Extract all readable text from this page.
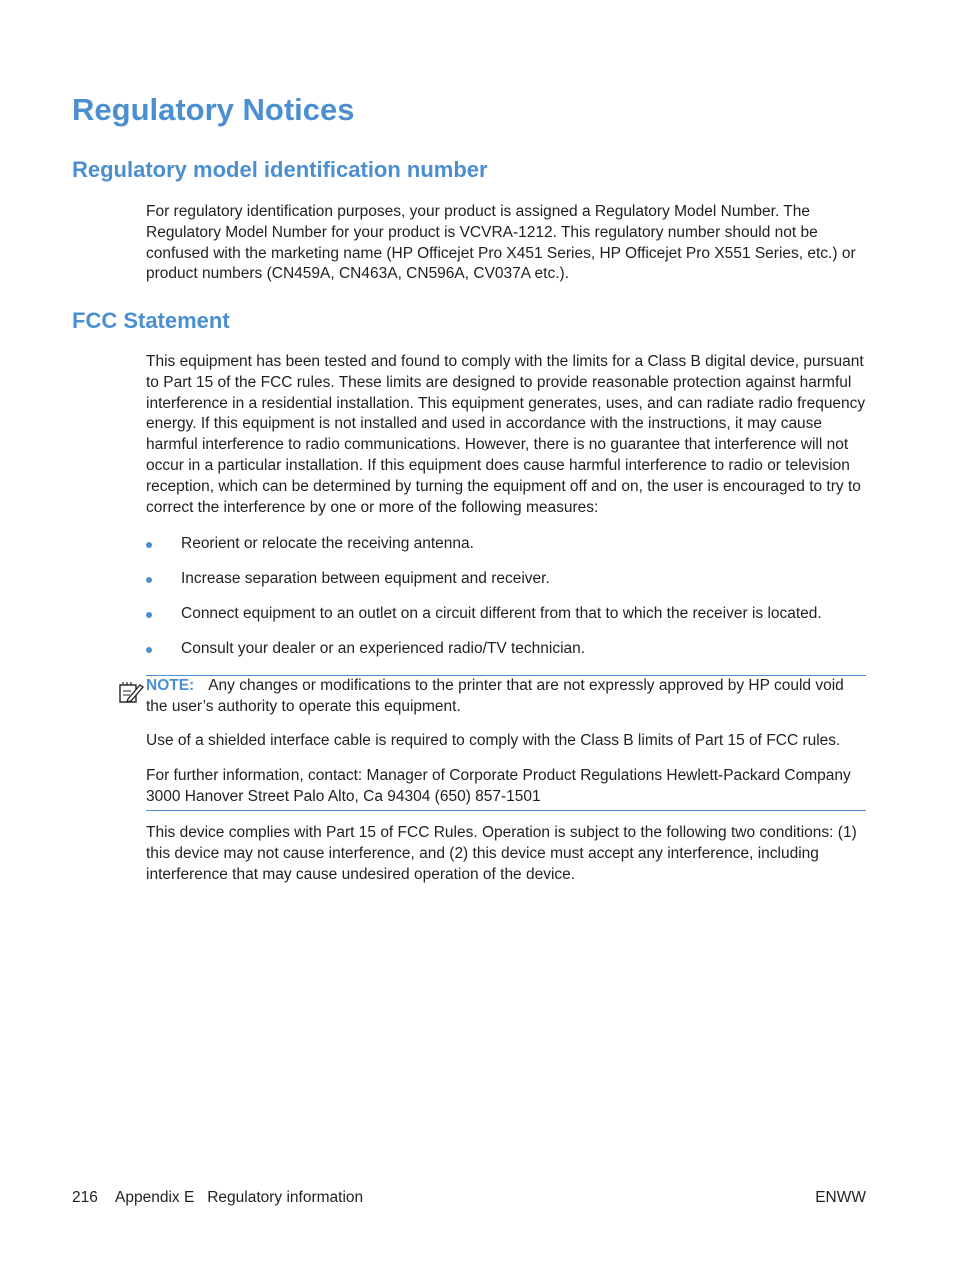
Regulatory Notices
Regulatory model identification number

For regulatory identification purposes, your product is assigned a Regulatory Model Number. The Regulatory Model Number for your product is VCVRA-1212. This regulatory number should not be confused with the marketing name (HP Officejet Pro X451 Series, HP Officejet Pro X551 Series, etc.) or product numbers (CN459A, CN463A, CN596A, CV037A etc.).

FCC Statement

This equipment has been tested and found to comply with the limits for a Class B digital device, pursuant to Part 15 of the FCC rules. These limits are designed to provide reasonable protection against harmful interference in a residential installation. This equipment generates, uses, and can radiate radio frequency energy. If this equipment is not installed and used in accordance with the instructions, it may cause harmful interference to radio communications. However, there is no guarantee that interference will not occur in a particular installation. If this equipment does cause harmful interference to radio or television reception, which can be determined by turning the equipment off and on, the user is encouraged to try to correct the interference by one or more of the following measures:

Reorient or relocate the receiving antenna.
Increase separation between equipment and receiver.
Connect equipment to an outlet on a circuit different from that to which the receiver is located.
Consult your dealer or an experienced radio/TV technician.

NOTE: Any changes or modifications to the printer that are not expressly approved by HP could void the user’s authority to operate this equipment.

Use of a shielded interface cable is required to comply with the Class B limits of Part 15 of FCC rules.

For further information, contact: Manager of Corporate Product Regulations Hewlett-Packard Company 3000 Hanover Street Palo Alto, Ca 94304 (650) 857-1501

This device complies with Part 15 of FCC Rules. Operation is subject to the following two conditions: (1) this device may not cause interference, and (2) this device must accept any interference, including interference that may cause undesired operation of the device.

216 Appendix E   Regulatory information	ENWW
